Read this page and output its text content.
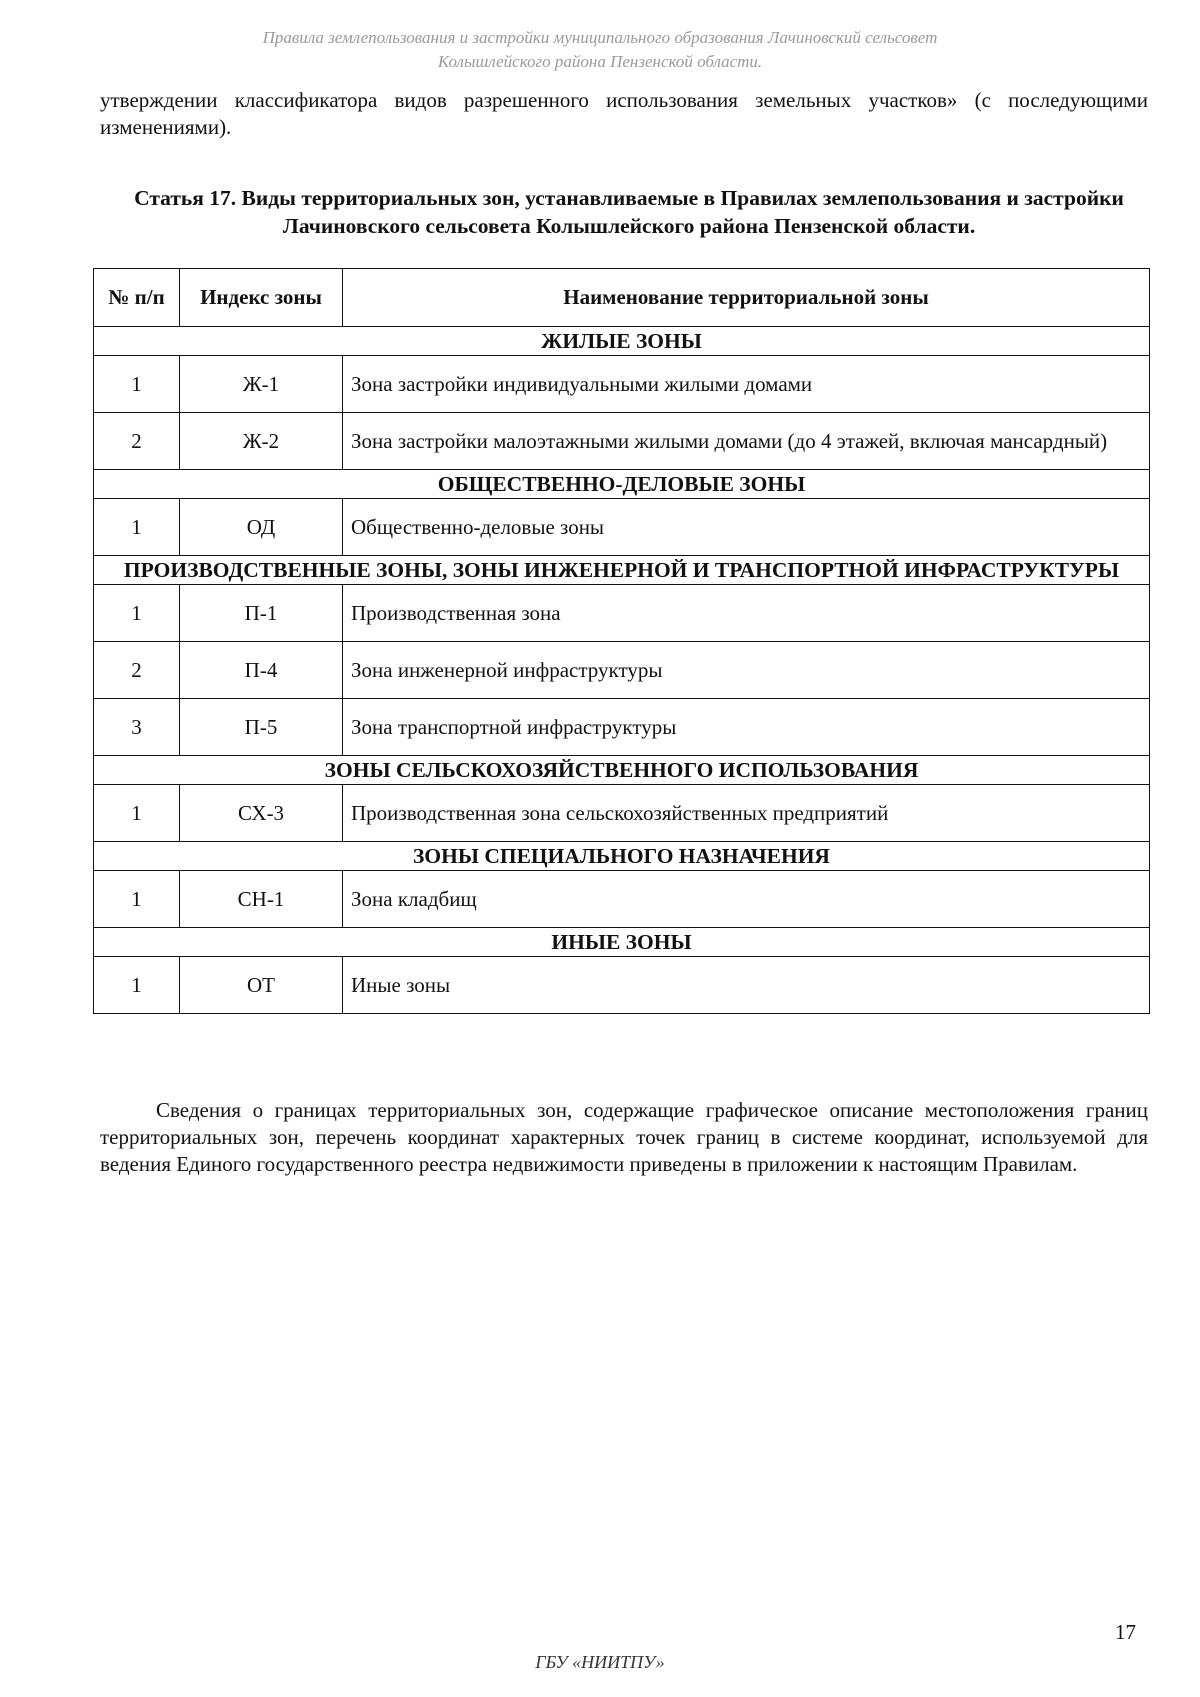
Правила землепользования и застройки муниципального образования Лачиновский сельсовет
Колышлейского района Пензенской области.
утверждении классификатора видов разрешенного использования земельных участков» (с последующими изменениями).
Статья 17. Виды территориальных зон, устанавливаемые в Правилах землепользования и застройки Лачиновского сельсовета Колышлейского района Пензенской области.
№ п/п	Индекс зоны	Наименование территориальной зоны
ЖИЛЫЕ ЗОНЫ		
1	Ж-1	Зона застройки индивидуальными жилыми домами
2	Ж-2	Зона застройки малоэтажными жилыми домами (до 4 этажей, включая мансардный)
ОБЩЕСТВЕННО-ДЕЛОВЫЕ ЗОНЫ		
1	ОД	Общественно-деловые зоны
ПРОИЗВОДСТВЕННЫЕ ЗОНЫ, ЗОНЫ ИНЖЕНЕРНОЙ И ТРАНСПОРТНОЙ ИНФРАСТРУКТУРЫ		
1	П-1	Производственная зона
2	П-4	Зона инженерной инфраструктуры
3	П-5	Зона транспортной инфраструктуры
ЗОНЫ СЕЛЬСКОХОЗЯЙСТВЕННОГО ИСПОЛЬЗОВАНИЯ		
1	СХ-3	Производственная зона сельскохозяйственных предприятий
ЗОНЫ СПЕЦИАЛЬНОГО НАЗНАЧЕНИЯ		
1	СН-1	Зона кладбищ
ИНЫЕ ЗОНЫ		
1	ОТ	Иные зоны
Сведения о границах территориальных зон, содержащие графическое описание местоположения границ территориальных зон, перечень координат характерных точек границ в системе координат, используемой для ведения Единого государственного реестра недвижимости приведены в приложении к настоящим Правилам.
17
ГБУ «НИИТПУ»
